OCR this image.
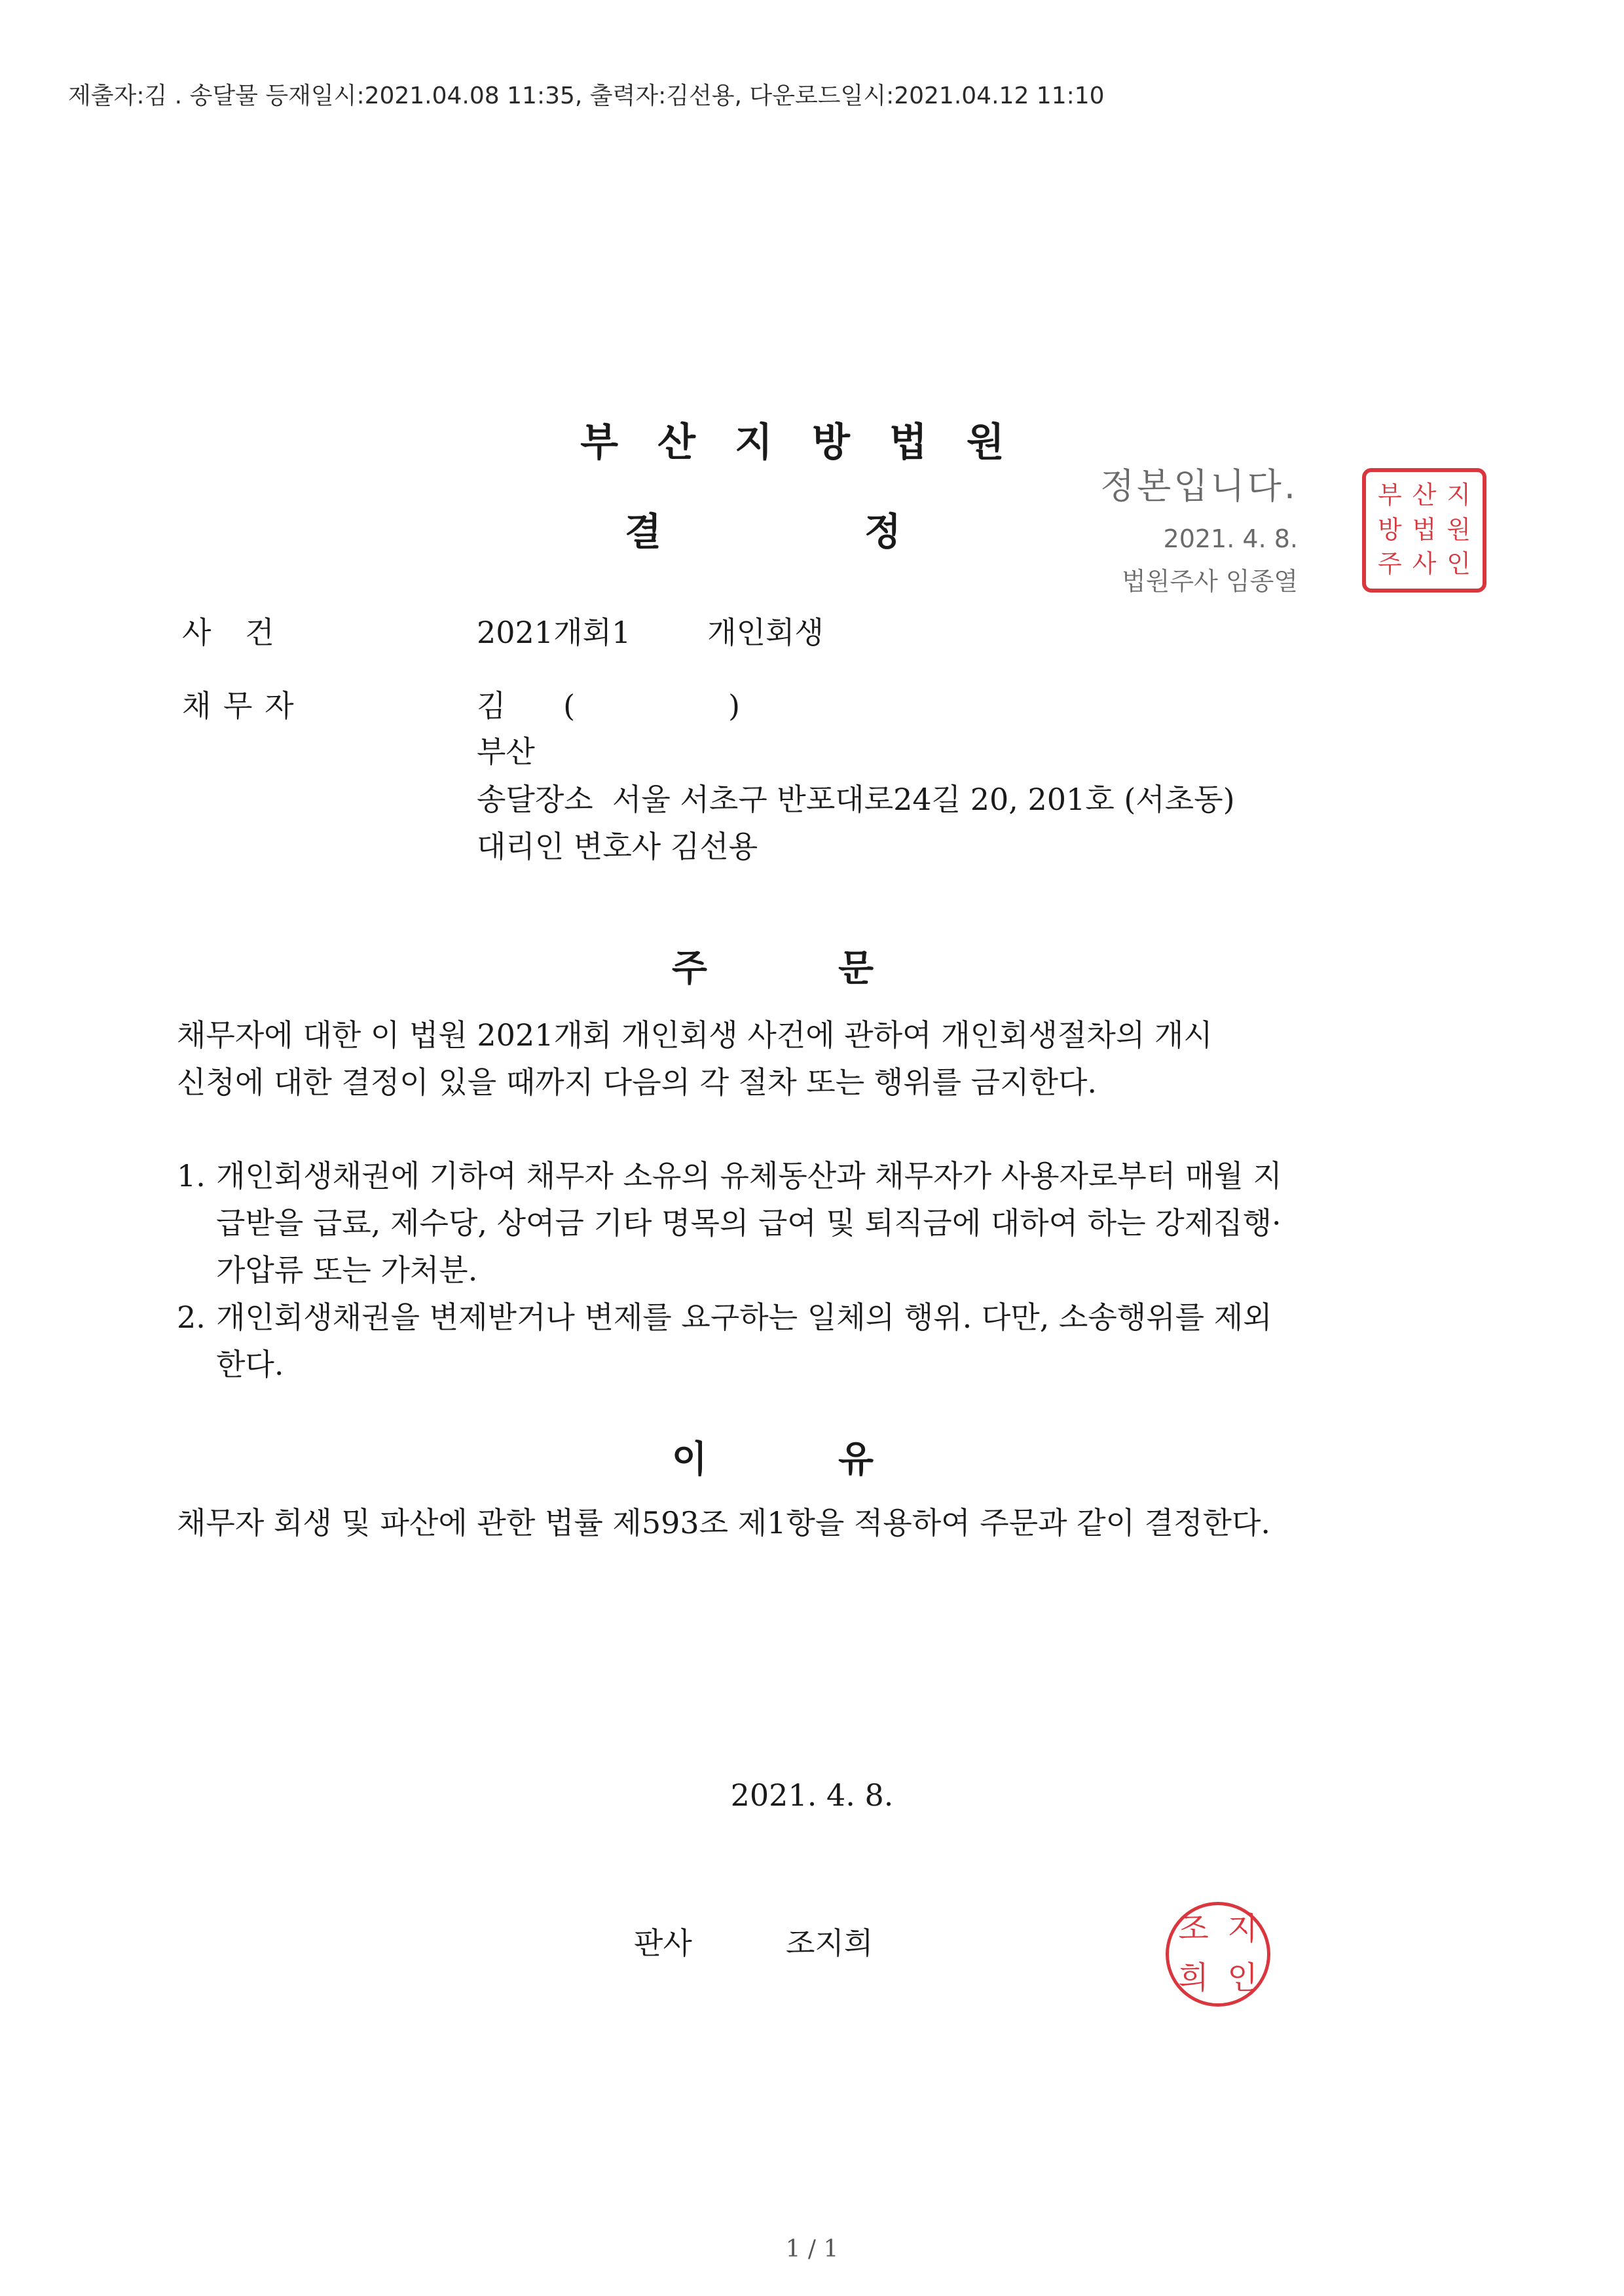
제출자:김 . 송달물 등재일시:2021.04.08 11:35, 출력자:김선용, 다운로드일시:2021.04.12 11:10
부산지방법원
결정
정본입니다.
2021. 4. 8.
법원주사 임종열
부 산 지
방 법 원
주 사 인
사   건	2021개회1        개인회생
채 무 자	김      (                )
부산
송달장소  서울 서초구 반포대로24길 20, 201호 (서초동)
대리인 변호사 김선용
주문
채무자에 대한 이 법원 2021개회 개인회생 사건에 관하여 개인회생절차의 개시
신청에 대한 결정이 있을 때까지 다음의 각 절차 또는 행위를 금지한다.
1. 개인회생채권에 기하여 채무자 소유의 유체동산과 채무자가 사용자로부터 매월 지
급받을 급료, 제수당, 상여금 기타 명목의 급여 및 퇴직금에 대하여 하는 강제집행·
가압류 또는 가처분.
2. 개인회생채권을 변제받거나 변제를 요구하는 일체의 행위. 다만, 소송행위를 제외
한다.
이유
채무자 회생 및 파산에 관한 법률 제593조 제1항을 적용하여 주문과 같이 결정한다.
2021. 4. 8.
판사	조지희	조 지
희 인
1 / 1
